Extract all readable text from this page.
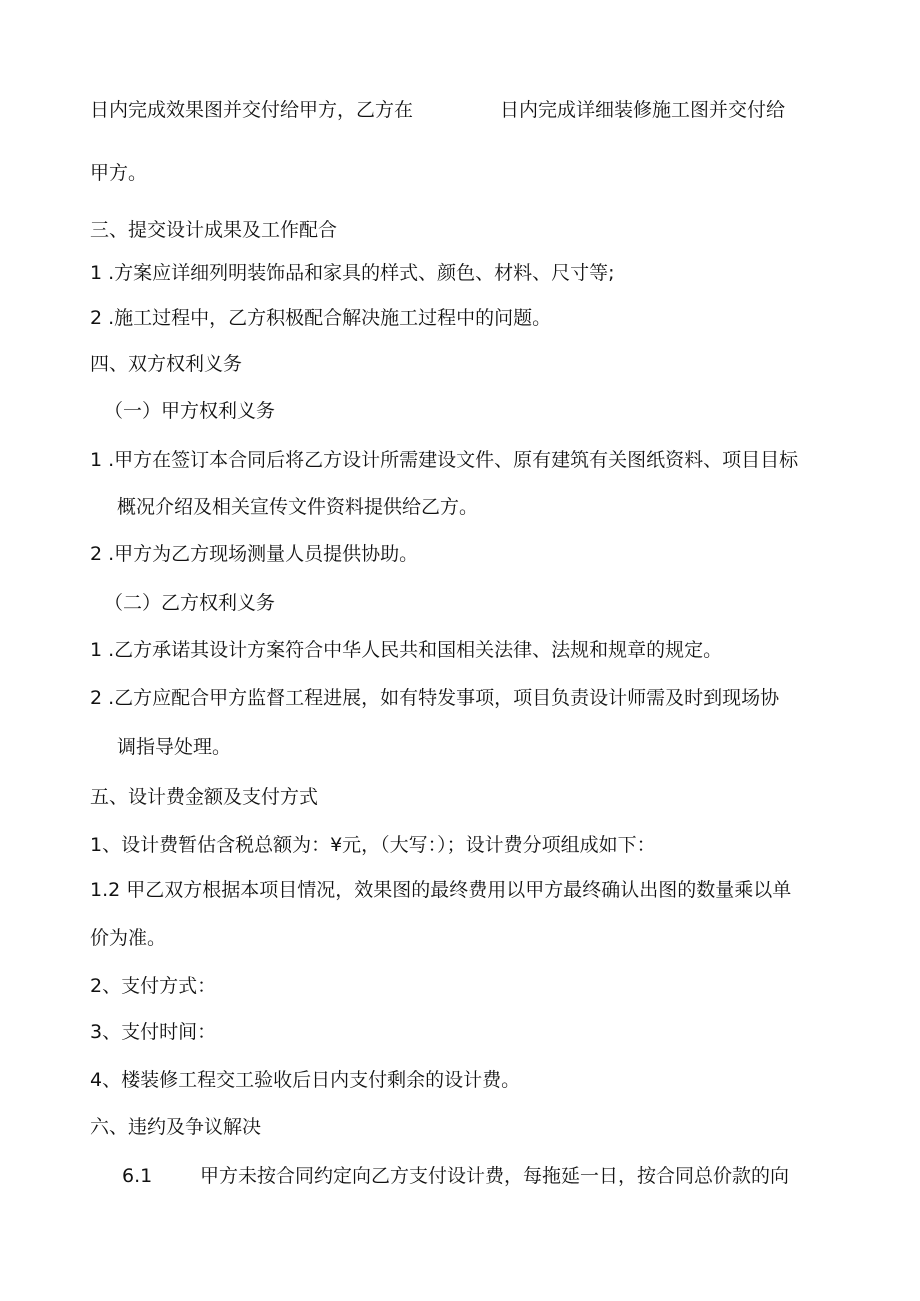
日内完成效果图并交付给甲方，乙方在	日内完成详细装修施工图并交付给
甲方。
三、提交设计成果及工作配合
1 .方案应详细列明装饰品和家具的样式、颜色、材料、尺寸等;
2 .施工过程中，乙方积极配合解决施工过程中的问题。
四、双方权利义务
（一）甲方权利义务
1 .甲方在签订本合同后将乙方设计所需建设文件、原有建筑有关图纸资料、项目目标
概况介绍及相关宣传文件资料提供给乙方。
2 .甲方为乙方现场测量人员提供协助。
（二）乙方权利义务
1 .乙方承诺其设计方案符合中华人民共和国相关法律、法规和规章的规定。
2 .乙方应配合甲方监督工程进展，如有特发事项，项目负责设计师需及时到现场协
调指导处理。
五、设计费金额及支付方式
1、设计费暂估含税总额为：¥元，（大写：）；设计费分项组成如下：
1.2 甲乙双方根据本项目情况，效果图的最终费用以甲方最终确认出图的数量乘以单
价为准。
2、支付方式：
3、支付时间：
4、楼装修工程交工验收后日内支付剩余的设计费。
六、违约及争议解决
6.1	甲方未按合同约定向乙方支付设计费，每拖延一日，按合同总价款的向
